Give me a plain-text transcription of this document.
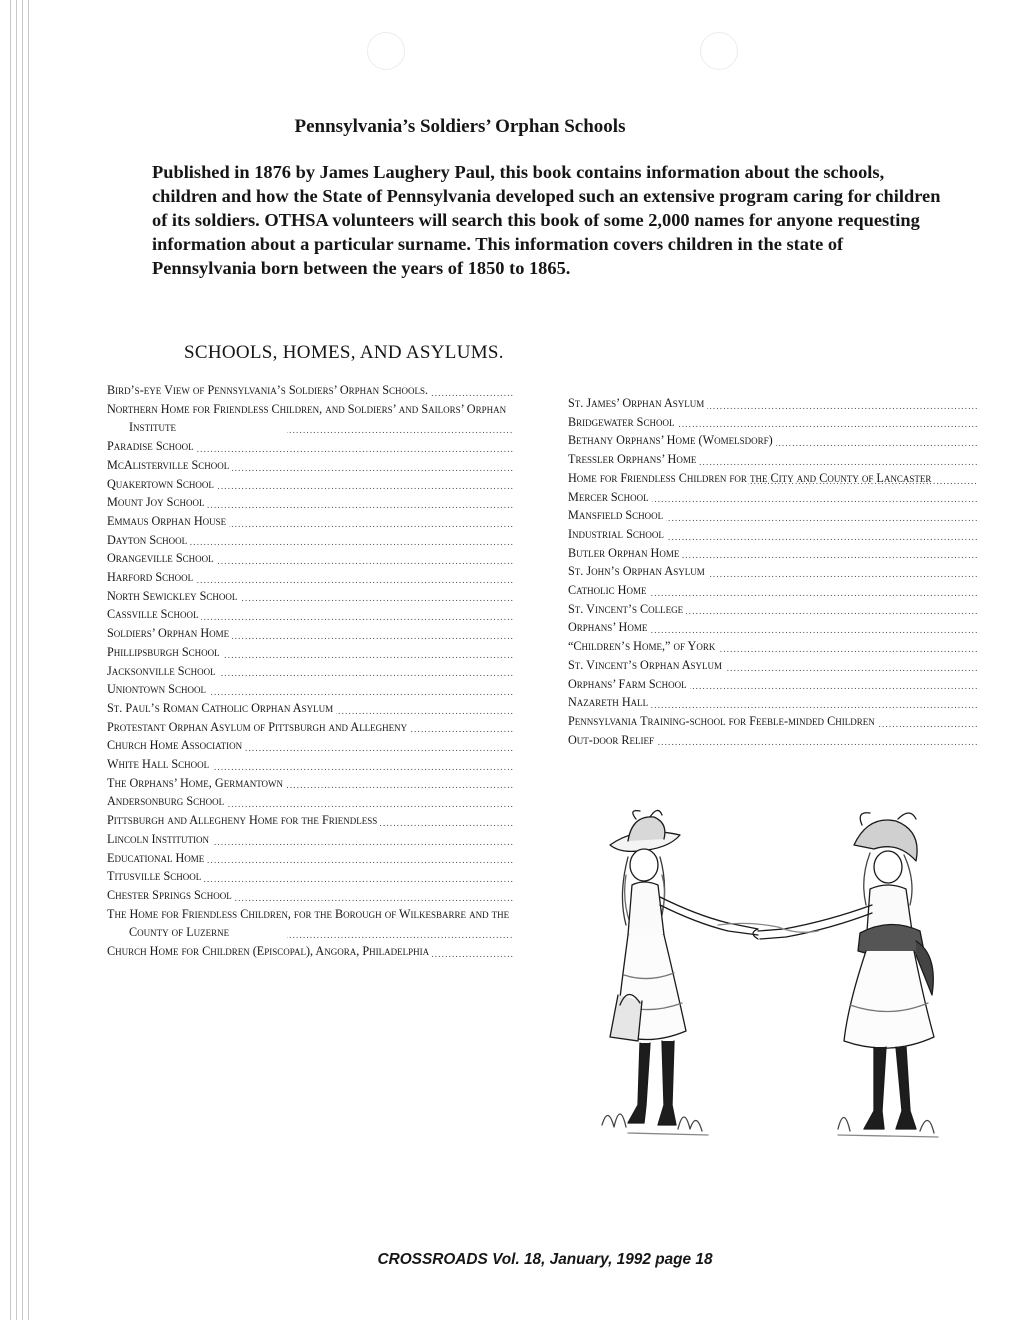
Pennsylvania’s Soldiers’ Orphan Schools

Published in 1876 by James Laughery Paul, this book contains information about the schools, children and how the State of Pennsylvania developed such an extensive program caring for children of its soldiers. OTHSA volunteers will search this book of some 2,000 names for anyone requesting information about a particular surname. This information covers children in the state of Pennsylvania born between the years of 1850 to 1865.

SCHOOLS, HOMES, AND ASYLUMS.
Bird’s-eye View of Pennsylvania’s Soldiers’ Orphan Schools. .....
Northern Home for Friendless Children, and Soldiers’ and Sailors’ Orphan Institute .....
Paradise School .....
McAlisterville School .....
Quakertown School .....
Mount Joy School .....
Emmaus Orphan House .....
Dayton School .....
Orangeville School .....
Harford School .....
North Sewickley School .....
Cassville School .....
Soldiers’ Orphan Home .....
Phillipsburgh School .....
Jacksonville School .....
Uniontown School .....
St. Paul’s Roman Catholic Orphan Asylum .....
Protestant Orphan Asylum of Pittsburgh and Allegheny .....
Church Home Association .....
White Hall School .....
The Orphans’ Home, Germantown .....
Andersonburg School .....
Pittsburgh and Allegheny Home for the Friendless .....
Lincoln Institution .....
Educational Home .....
Titusville School .....
Chester Springs School .....
The Home for Friendless Children, for the Borough of Wilkesbarre and the County of Luzerne .....
Church Home for Children (Episcopal), Angora, Philadelphia .....
St. James’ Orphan Asylum .....
Bridgewater School .....
Bethany Orphans’ Home (Womelsdorf) .....
Tressler Orphans’ Home .....
Home for Friendless Children for the City and County of Lancaster .....
Mercer School .....
Mansfield School .....
Industrial School .....
Butler Orphan Home .....
St. John’s Orphan Asylum .....
Catholic Home .....
St. Vincent’s College .....
Orphans’ Home .....
“Children’s Home,” of York .....
St. Vincent’s Orphan Asylum .....
Orphans’ Farm School .....
Nazareth Hall .....
Pennsylvania Training-school for Feeble-minded Children .....
Out-door Relief .....

CROSSROADS Vol. 18, January, 1992 page 18
